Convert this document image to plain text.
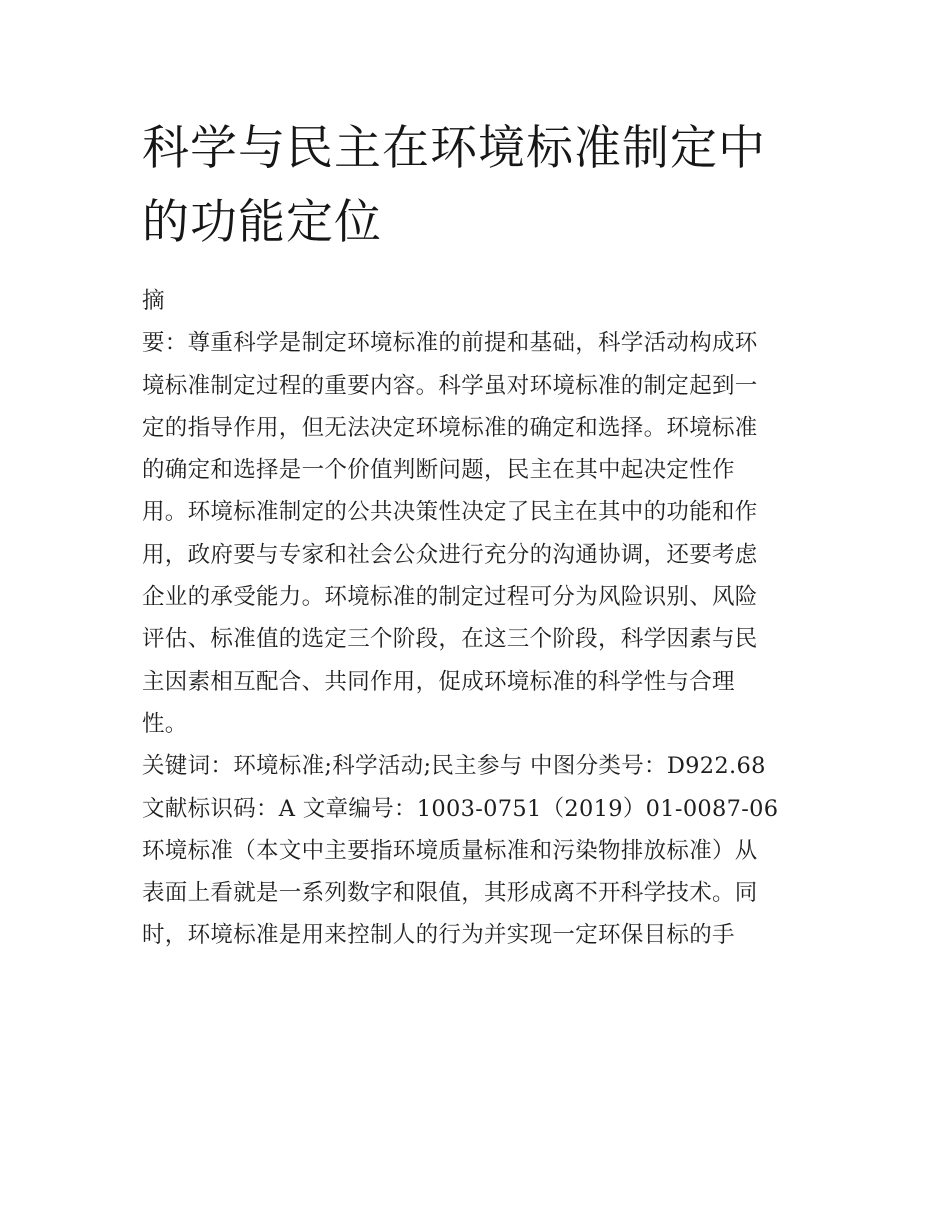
科学与民主在环境标准制定中
的功能定位
摘
要：尊重科学是制定环境标准的前提和基础，科学活动构成环
境标准制定过程的重要内容。科学虽对环境标准的制定起到一
定的指导作用，但无法决定环境标准的确定和选择。环境标准
的确定和选择是一个价值判断问题，民主在其中起决定性作
用。环境标准制定的公共决策性决定了民主在其中的功能和作
用，政府要与专家和社会公众进行充分的沟通协调，还要考虑
企业的承受能力。环境标准的制定过程可分为风险识别、风险
评估、标准值的选定三个阶段，在这三个阶段，科学因素与民
主因素相互配合、共同作用，促成环境标准的科学性与合理
性。
关键词：环境标准;科学活动;民主参与 中图分类号：D922.68
文献标识码：A 文章编号：1003-0751（2019）01-0087-06
环境标准（本文中主要指环境质量标准和污染物排放标准）从
表面上看就是一系列数字和限值，其形成离不开科学技术。同
时，环境标准是用来控制人的行为并实现一定环保目标的手
